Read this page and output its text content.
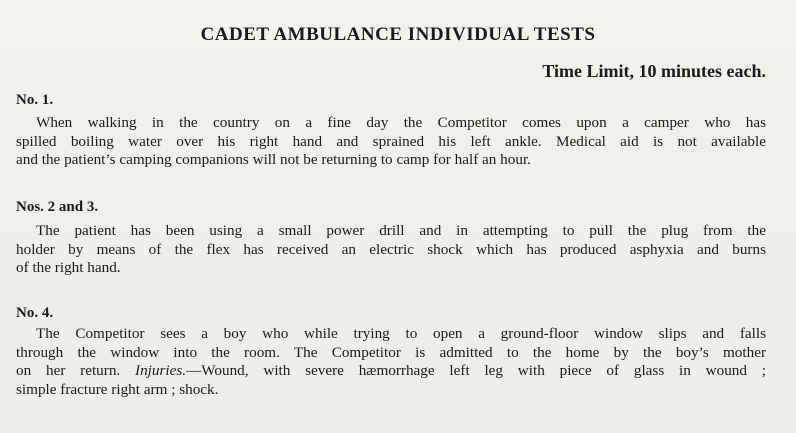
CADET AMBULANCE INDIVIDUAL TESTS
Time Limit, 10 minutes each.
No. 1.
When walking in the country on a fine day the Competitor comes upon a camper who has
spilled boiling water over his right hand and sprained his left ankle. Medical aid is not available
and the patient’s camping companions will not be returning to camp for half an hour.
Nos. 2 and 3.
The patient has been using a small power drill and in attempting to pull the plug from the
holder by means of the flex has received an electric shock which has produced asphyxia and burns
of the right hand.
No. 4.
The Competitor sees a boy who while trying to open a ground-floor window slips and falls
through the window into the room. The Competitor is admitted to the home by the boy’s mother
on her return. Injuries.—Wound, with severe hæmorrhage left leg with piece of glass in wound ;
simple fracture right arm ; shock.
